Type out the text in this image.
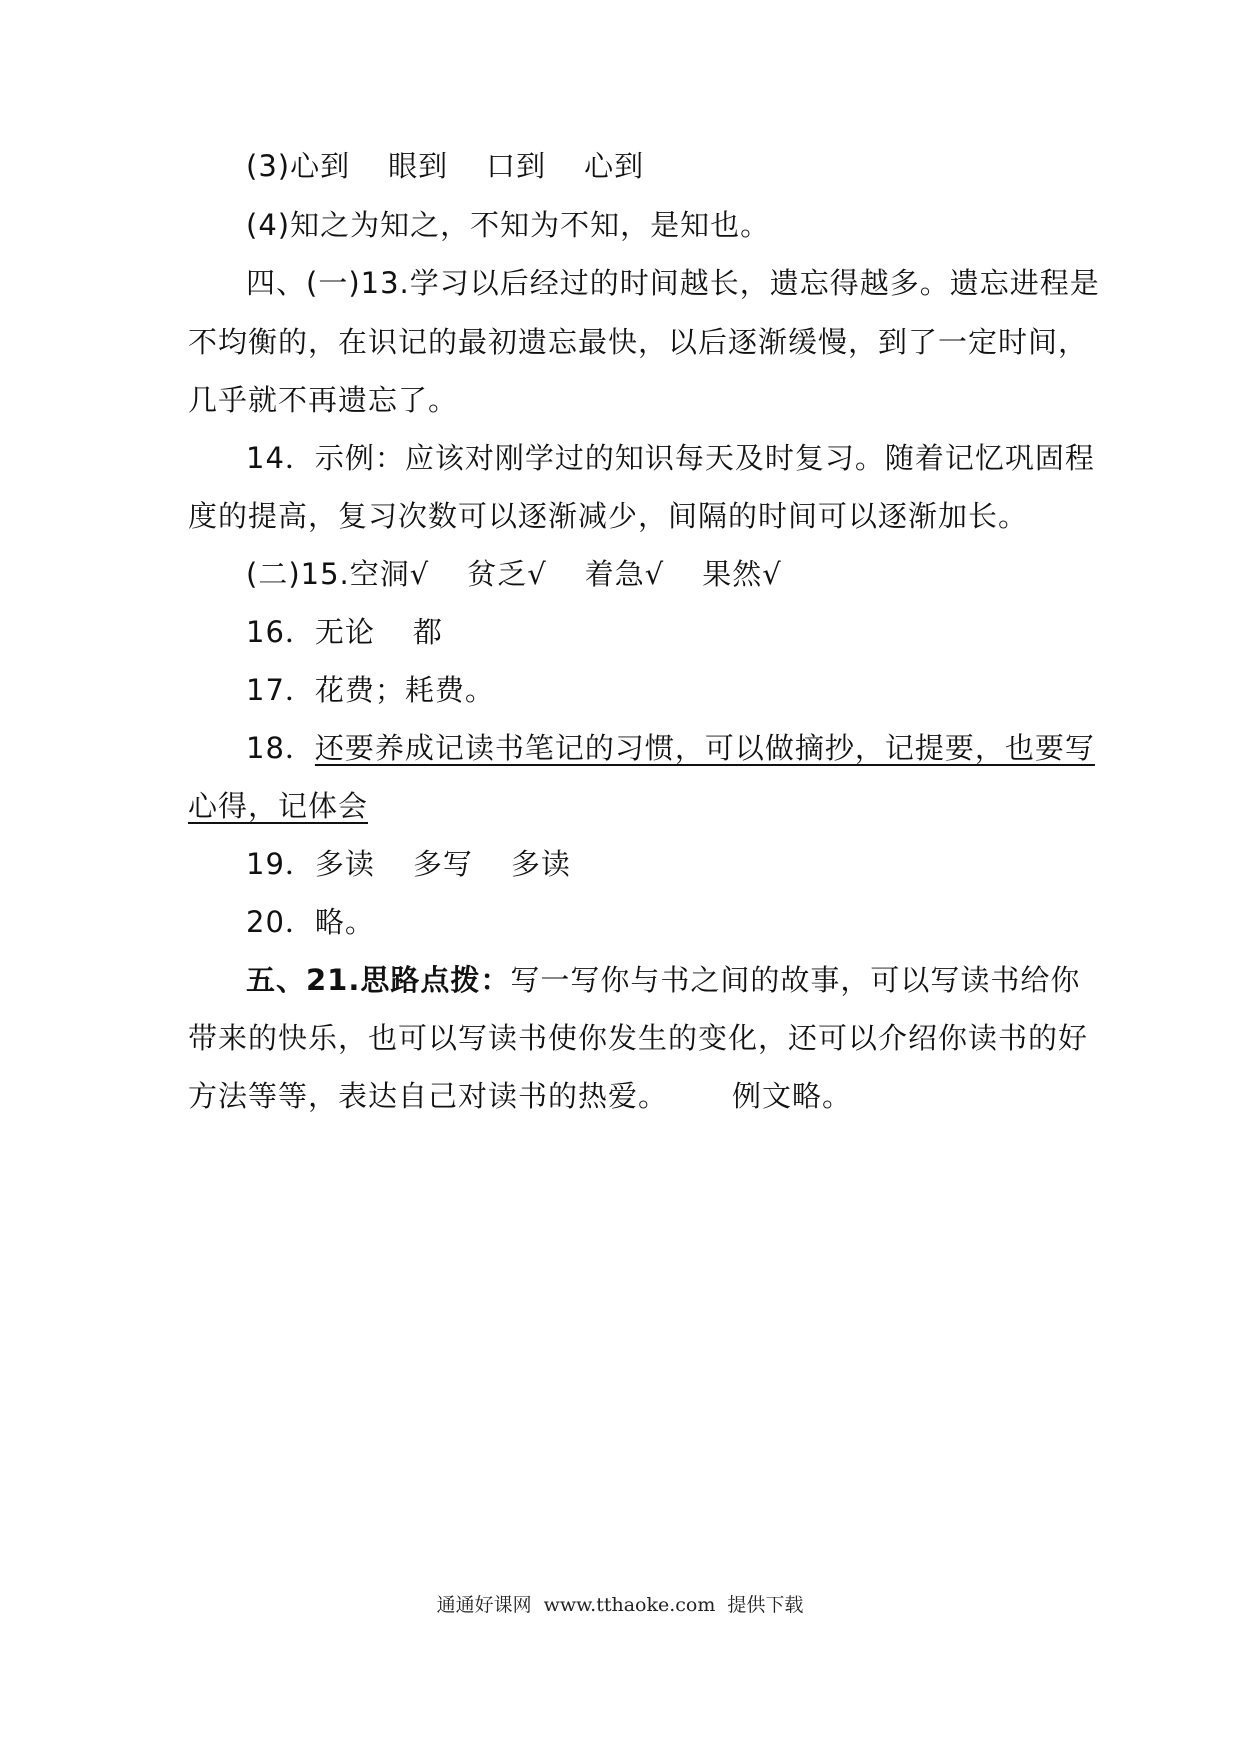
(3)心到 眼到 口到 心到
(4)知之为知之，不知为不知，是知也。
四、(一)13.学习以后经过的时间越长，遗忘得越多。遗忘进程是
不均衡的，在识记的最初遗忘最快，以后逐渐缓慢，到了一定时间，
几乎就不再遗忘了。
14．示例：应该对刚学过的知识每天及时复习。随着记忆巩固程
度的提高，复习次数可以逐渐减少，间隔的时间可以逐渐加长。
(二)15.空洞√ 贫乏√ 着急√ 果然√
16．无论 都
17．花费；耗费。
18．还要养成记读书笔记的习惯，可以做摘抄，记提要，也要写
心得，记体会
19．多读 多写 多读
20．略。
五、21.思路点拨：写一写你与书之间的故事，可以写读书给你
带来的快乐，也可以写读书使你发生的变化，还可以介绍你读书的好
方法等等，表达自己对读书的热爱。 例文略。
通通好课网 www.tthaoke.com 提供下载
